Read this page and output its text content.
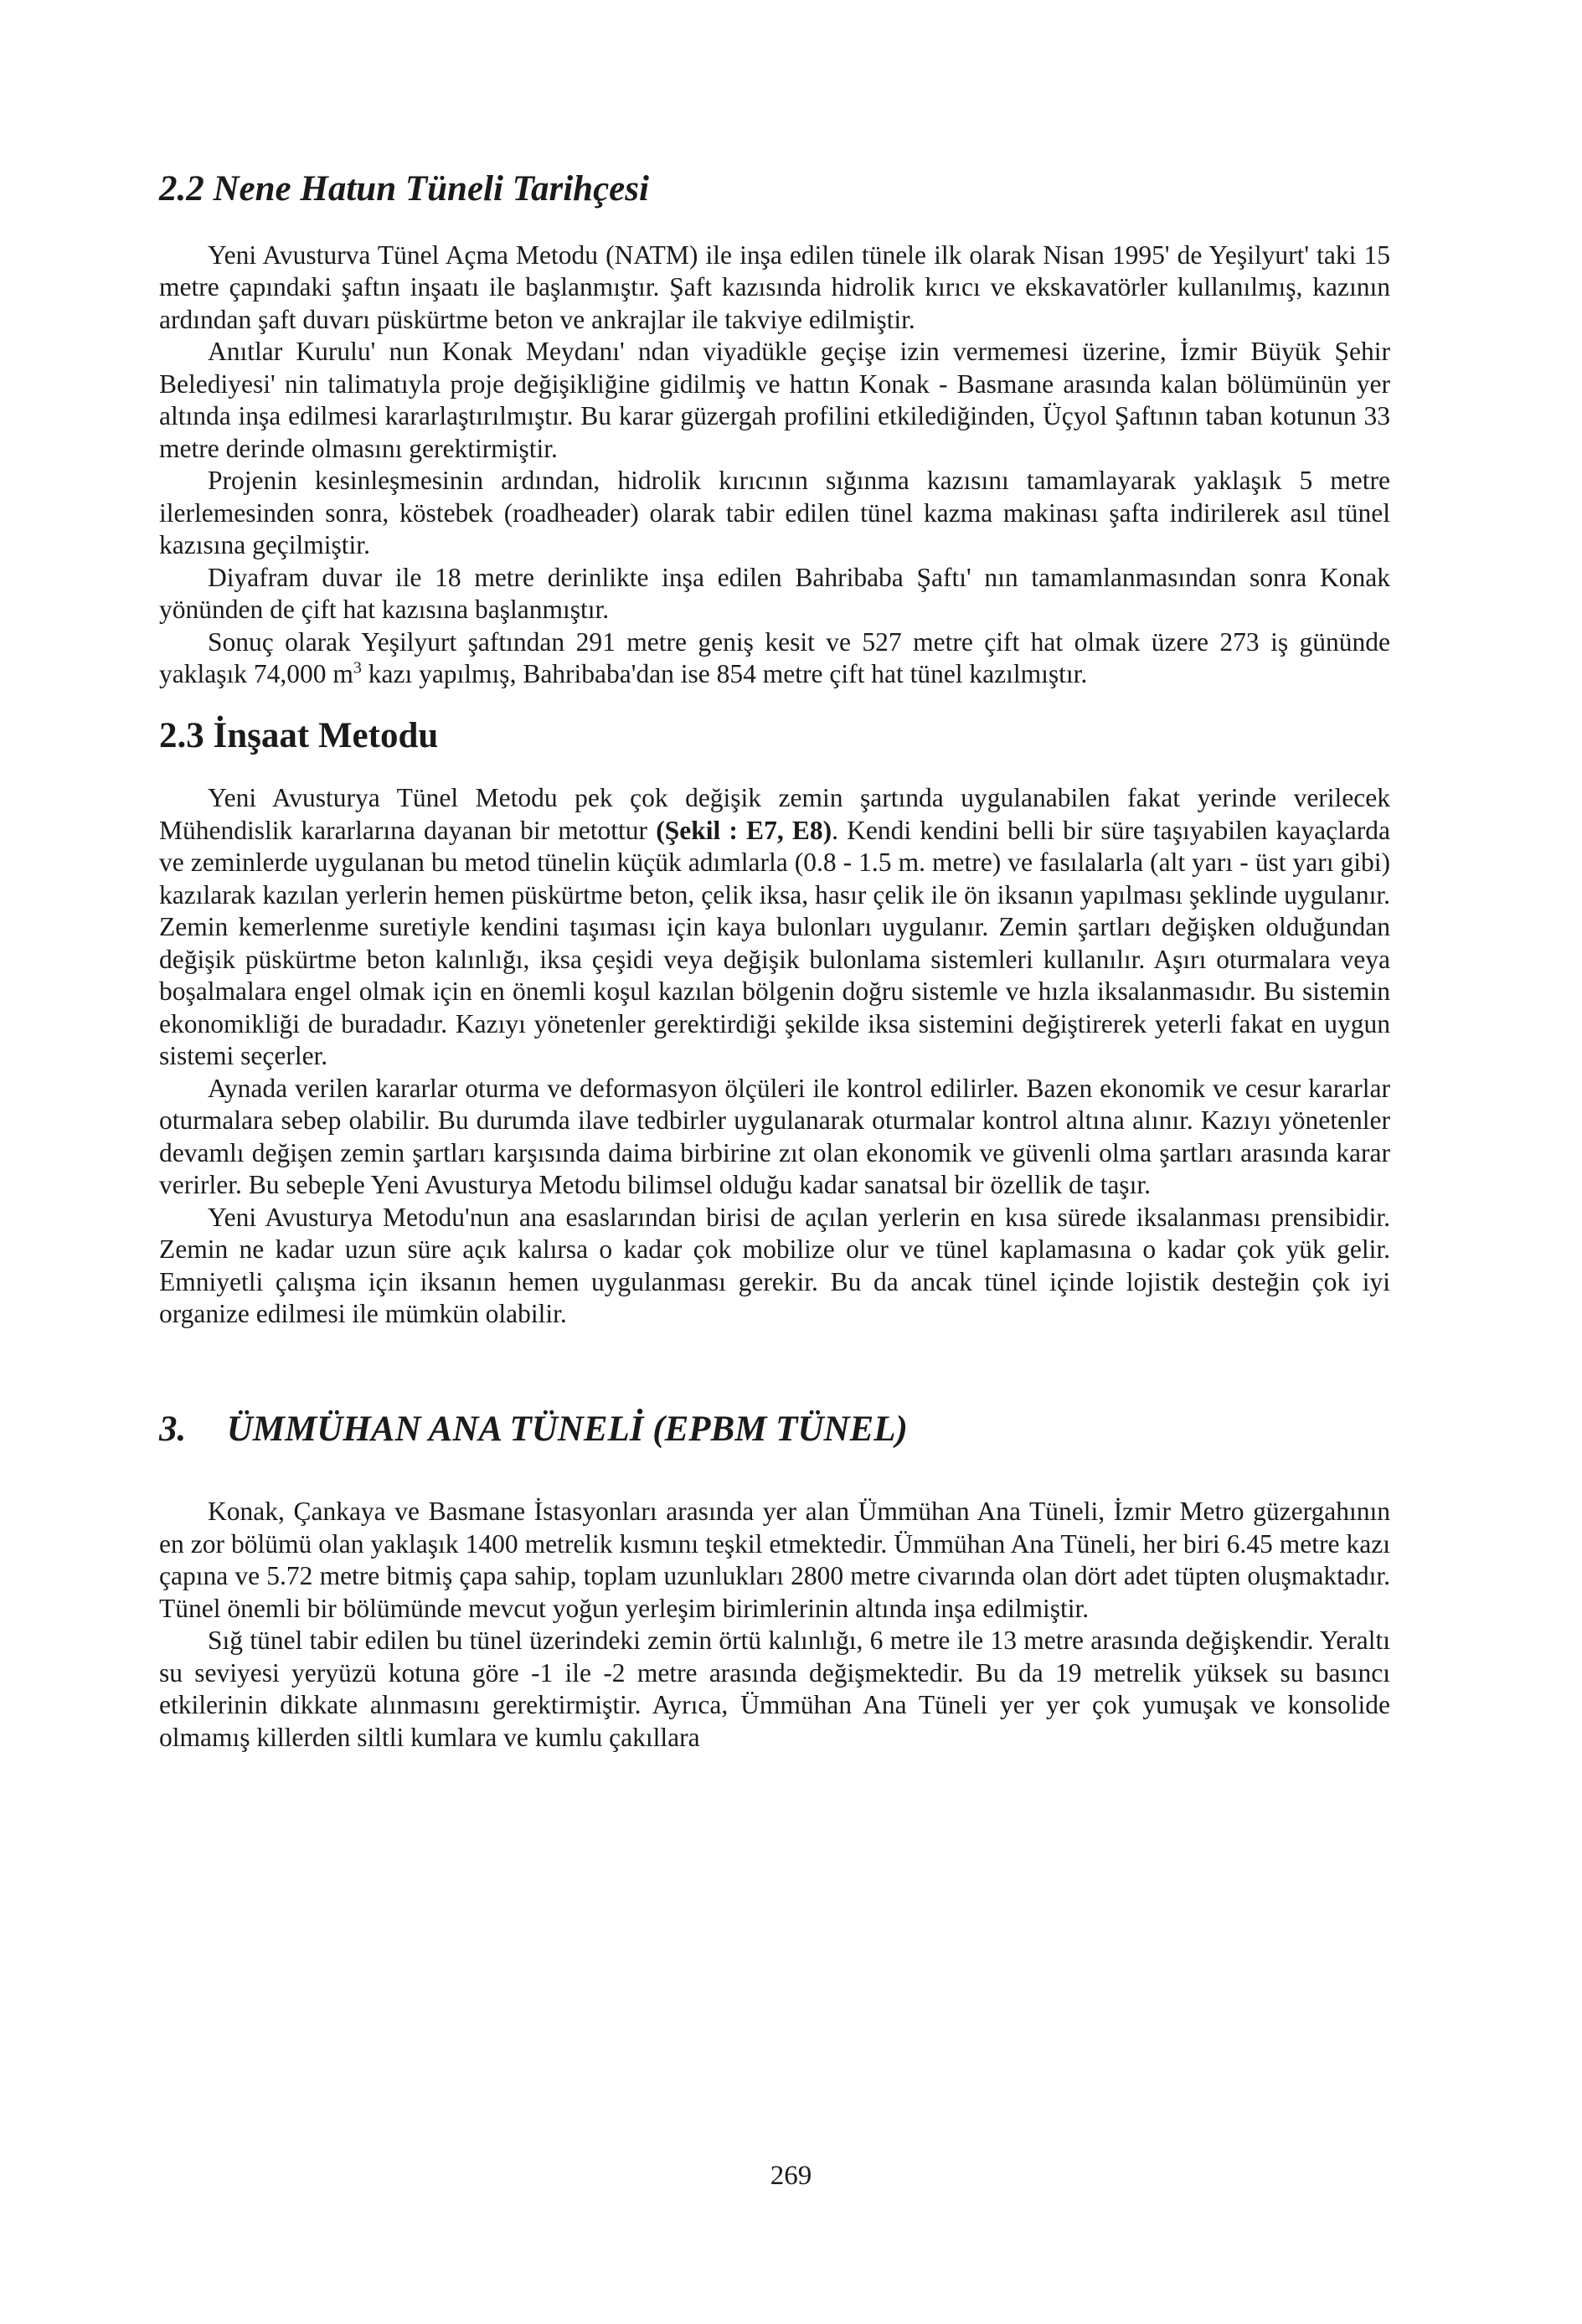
2.2 Nene Hatun Tüneli Tarihçesi

Yeni Avusturva Tünel Açma Metodu (NATM) ile inşa edilen tünele ilk olarak Nisan 1995' de Yeşilyurt' taki 15 metre çapındaki şaftın inşaatı ile başlanmıştır. Şaft kazısında hidrolik kırıcı ve ekskavatörler kullanılmış, kazının ardından şaft duvarı püskürtme beton ve ankrajlar ile takviye edilmiştir.

Anıtlar Kurulu' nun Konak Meydanı' ndan viyadükle geçişe izin vermemesi üzerine, İzmir Büyük Şehir Belediyesi' nin talimatıyla proje değişikliğine gidilmiş ve hattın Konak - Basmane arasında kalan bölümünün yer altında inşa edilmesi kararlaştırılmıştır. Bu karar güzergah profilini etkilediğinden, Üçyol Şaftının taban kotunun 33 metre derinde olmasını gerektirmiştir.

Projenin kesinleşmesinin ardından, hidrolik kırıcının sığınma kazısını tamamlayarak yaklaşık 5 metre ilerlemesinden sonra, köstebek (roadheader) olarak tabir edilen tünel kazma makinası şafta indirilerek asıl tünel kazısına geçilmiştir.

Diyafram duvar ile 18 metre derinlikte inşa edilen Bahribaba Şaftı' nın tamamlanmasından sonra Konak yönünden de çift hat kazısına başlanmıştır.

Sonuç olarak Yeşilyurt şaftından 291 metre geniş kesit ve 527 metre çift hat olmak üzere 273 iş gününde yaklaşık 74,000 $m^3$ kazı yapılmış, Bahribaba'dan ise 854 metre çift hat tünel kazılmıştır.

2.3 İnşaat Metodu

Yeni Avusturya Tünel Metodu pek çok değişik zemin şartında uygulanabilen fakat yerinde verilecek Mühendislik kararlarına dayanan bir metottur (Şekil : E7, E8). Kendi kendini belli bir süre taşıyabilen kayaçlarda ve zeminlerde uygulanan bu metod tünelin küçük adımlarla (0.8 - 1.5 m. metre) ve fasılalarla (alt yarı - üst yarı gibi) kazılarak kazılan yerlerin hemen püskürtme beton, çelik iksa, hasır çelik ile ön iksanın yapılması şeklinde uygulanır. Zemin kemerlenme suretiyle kendini taşıması için kaya bulonları uygulanır. Zemin şartları değişken olduğundan değişik püskürtme beton kalınlığı, iksa çeşidi veya değişik bulonlama sistemleri kullanılır. Aşırı oturmalara veya boşalmalara engel olmak için en önemli koşul kazılan bölgenin doğru sistemle ve hızla iksalanmasıdır. Bu sistemin ekonomikliği de buradadır. Kazıyı yönetenler gerektirdiği şekilde iksa sistemini değiştirerek yeterli fakat en uygun sistemi seçerler.

Aynada verilen kararlar oturma ve deformasyon ölçüleri ile kontrol edilirler. Bazen ekonomik ve cesur kararlar oturmalara sebep olabilir. Bu durumda ilave tedbirler uygulanarak oturmalar kontrol altına alınır. Kazıyı yönetenler devamlı değişen zemin şartları karşısında daima birbirine zıt olan ekonomik ve güvenli olma şartları arasında karar verirler. Bu sebeple Yeni Avusturya Metodu bilimsel olduğu kadar sanatsal bir özellik de taşır.

Yeni Avusturya Metodu'nun ana esaslarından birisi de açılan yerlerin en kısa sürede iksalanması prensibidir. Zemin ne kadar uzun süre açık kalırsa o kadar çok mobilize olur ve tünel kaplamasına o kadar çok yük gelir. Emniyetli çalışma için iksanın hemen uygulanması gerekir. Bu da ancak tünel içinde lojistik desteğin çok iyi organize edilmesi ile mümkün olabilir.

3. ÜMMÜHAN ANA TÜNELİ (EPBM TÜNEL)

Konak, Çankaya ve Basmane İstasyonları arasında yer alan Ümmühan Ana Tüneli, İzmir Metro güzergahının en zor bölümü olan yaklaşık 1400 metrelik kısmını teşkil etmektedir. Ümmühan Ana Tüneli, her biri 6.45 metre kazı çapına ve 5.72 metre bitmiş çapa sahip, toplam uzunlukları 2800 metre civarında olan dört adet tüpten oluşmaktadır. Tünel önemli bir bölümünde mevcut yoğun yerleşim birimlerinin altında inşa edilmiştir.

Sığ tünel tabir edilen bu tünel üzerindeki zemin örtü kalınlığı, 6 metre ile 13 metre arasında değişkendir. Yeraltı su seviyesi yeryüzü kotuna göre -1 ile -2 metre arasında değişmektedir. Bu da 19 metrelik yüksek su basıncı etkilerinin dikkate alınmasını gerektirmiştir. Ayrıca, Ümmühan Ana Tüneli yer yer çok yumuşak ve konsolide olmamış killerden siltli kumlara ve kumlu çakıllara

269
